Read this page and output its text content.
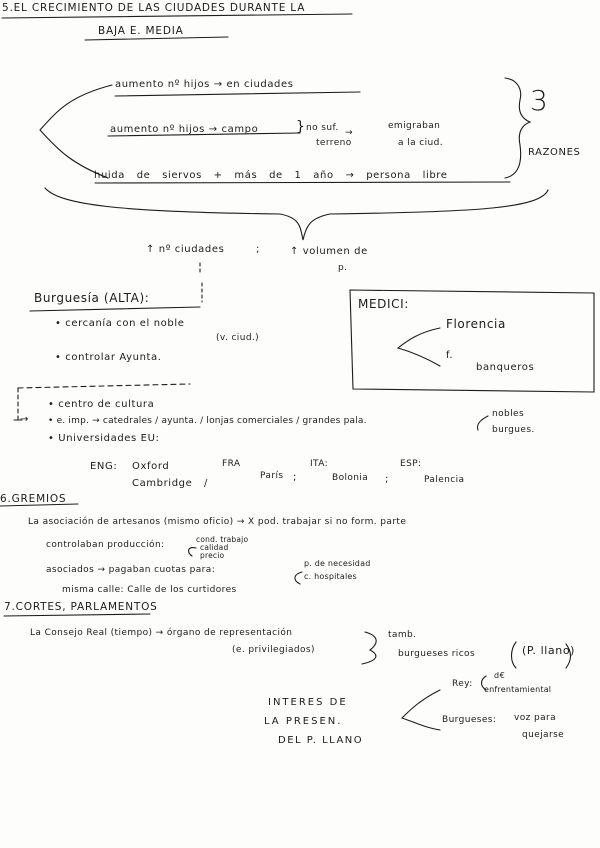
5.EL CRECIMIENTO DE LAS CIUDADES DURANTE LA
BAJA E. MEDIA
aumento nº hijos → en ciudades
aumento nº hijos → campo	} no suf.
terreno
→
emigraban
a la ciud.
huida de siervos + más de 1 año → persona libre
3
RAZONES
↑ nº ciudades	;	↑ volumen de
p.
Burguesía (ALTA):
• cercanía con el noble
(v. ciud.)
• controlar Ayunta.
MEDICI:
Florencia
f.
banqueros
• centro de cultura
→ • e. imp. → catedrales / ayunta. / lonjas comerciales / grandes pala.
nobles
burgues.
• Universidades EU:
ENG: Oxford
Cambridge /
FRA
París ;
ITA:
Bolonia ;
ESP:
Palencia
6.GREMIOS
La asociación de artesanos (mismo oficio) → X pod. trabajar si no form. parte
controlaban producción:
cond. trabajo
calidad
precio
asociados → pagaban cuotas para:
p. de necesidad
c. hospitales
misma calle: Calle de los curtidores
7.CORTES, PARLAMENTOS
La Consejo Real (tiempo) → órgano de representación
(e. privilegiados)
tamb.
burgueses ricos	(P. llano)
INTERES DE
LA PRESEN.
DEL P. LLANO
Rey:
d€
enfrentamiental
Burgueses: voz para
quejarse
